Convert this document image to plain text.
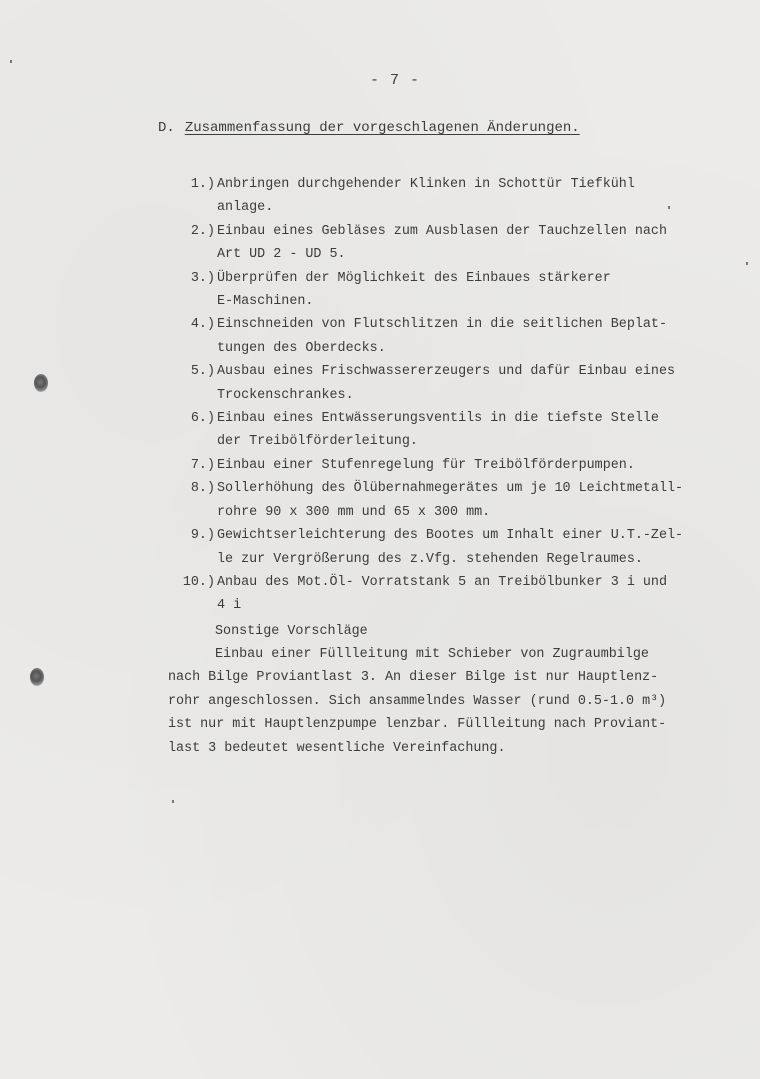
- 7 -
D. Zusammenfassung der vorgeschlagenen Änderungen.
1.) Anbringen durchgehender Klinken in Schottür Tiefkühl
anlage.
2.) Einbau eines Gebläses zum Ausblasen der Tauchzellen nach
Art UD 2 - UD 5.
3.) Überprüfen der Möglichkeit des Einbaues stärkerer
E-Maschinen.
4.) Einschneiden von Flutschlitzen in die seitlichen Beplat-
tungen des Oberdecks.
5.) Ausbau eines Frischwassererzeugers und dafür Einbau eines
Trockenschrankes.
6.) Einbau eines Entwässerungsventils in die tiefste Stelle
der Treibölförderleitung.
7.) Einbau einer Stufenregelung für Treibölförderpumpen.
8.) Sollerhöhung des Ölübernahmegerätes um je 10 Leichtmetall-
rohre 90 x 300 mm und 65 x 300 mm.
9.) Gewichtserleichterung des Bootes um Inhalt einer U.T.-Zel-
le zur Vergrößerung des z.Vfg. stehenden Regelraumes.
10.) Anbau des Mot.Öl- Vorratstank 5 an Treibölbunker 3 i und
4 i
Sonstige Vorschläge
Einbau einer Füllleitung mit Schieber von Zugraumbilge
nach Bilge Proviantlast 3. An dieser Bilge ist nur Hauptlenz-
rohr angeschlossen. Sich ansammelndes Wasser (rund 0.5-1.0 m³)
ist nur mit Hauptlenzpumpe lenzbar. Füllleitung nach Proviant-
last 3 bedeutet wesentliche Vereinfachung.
